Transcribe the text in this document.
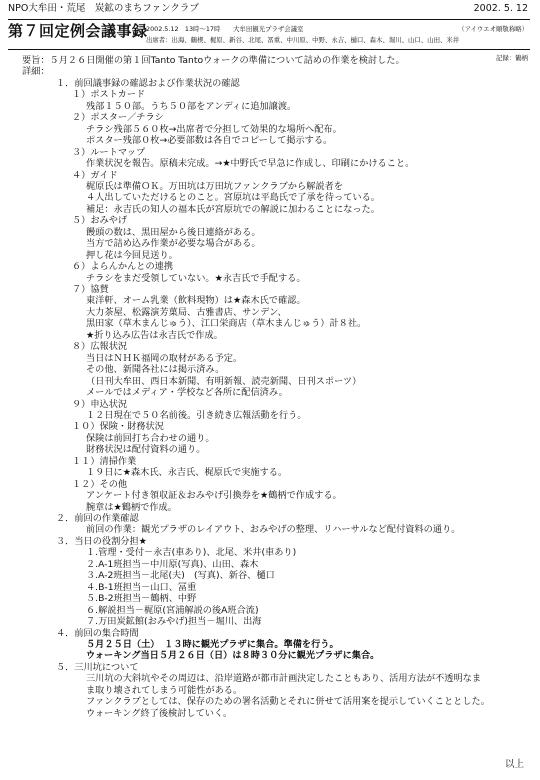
NPO大牟田・荒尾　炭鉱のまちファンクラブ	2002. 5. 12
第７回定例会議事録
2002.5.12　13時～17時　　大牟田観光プラザ会議室
出席者：出海、鶴楔、梶原、新谷、北尾、冨重、中川原、中野、永吉、樋口、森木、堀川、山口、山田、米井
（アイウエオ順敬称略）
記録：鶴柄
要旨：５月２６日開催の第１回Tanto Tantoウォークの準備について詰めの作業を検討した。
詳細：
１．前回議事録の確認および作業状況の確認
１）ポストカード
残部１５０部。うち５０部をアンディに追加譲渡。
２）ポスター／チラシ
チラシ残部５６０枚→出席者で分担して効果的な場所へ配布。
ポスター残部０枚→必要部数は各自でコピーして掲示する。
３）ルートマップ
作業状況を報告。原稿未完成。→★中野氏で早急に作成し、印刷にかけること。
４）ガイド
梶原氏は準備ＯＫ。万田坑は万田坑ファンクラブから解説者を
４人出していただけるとのこと。宮原坑は平島氏で了承を待っている。
補足：永吉氏の知人の福本氏が宮原坑での解説に加わることになった。
５）おみやげ
饅頭の数は、黒田屋から後日連絡がある。
当方で詰め込み作業が必要な場合がある。
押し花は今回見送り。
６）よらんかんとの連携
チラシをまだ受領していない。★永吉氏で手配する。
７）協賛
東洋軒、オーム乳業（飲料現物）は★森木氏で確認。
大力茶屋、松露演芳菓局、古雅書店、サンデン、
黒田家（草木まんじゅう）、江口栄商店（草木まんじゅう）計８社。
★折り込み広告は永吉氏で作成。
８）広報状況
当日はＮＨＫ福岡の取材がある予定。
その他、新聞各社には掲示済み。
（日刊大牟田、西日本新聞、有明新報、読売新聞、日刊スポーツ）
メールではメディア・学校など各所に配信済み。
９）申込状況
１２日現在で５０名前後。引き続き広報活動を行う。
１０）保険・財務状況
保険は前回打ち合わせの通り。
財務状況は配付資料の通り。
１１）清掃作業
１９日に★森木氏、永吉氏、梶原氏で実施する。
１２）その他
アンケート付き領収証＆おみやげ引換券を★鶴柄で作成する。
腕章は★鶴柄で作成。
２．前回の作業確認
前回の作業：観光プラザのレイアウト、おみやげの整理、リハーサルなど配付資料の通り。
３．当日の役割分担★
１.管理・受付－永吉(車あり)、北尾、米井(車あり)
２.A-1班担当－中川原(写真)、山田、森木
３.A-2班担当－北尾(夫)　(写真)、新谷、樋口
４.B-1班担当－山口、冨重
５.B-2班担当－鶴柄、中野
６.解説担当－梶原(宮浦解説の後A班合流)
７.万田炭鉱館(おみやげ)担当－堀川、出海
４．前回の集合時間
５月２５日（土）　１３時に観光プラザに集合。準備を行う。
ウォーキング当日５月２６日（日）は８時３０分に観光プラザに集合。
５．三川坑について
三川坑の大斜坑やその周辺は、沿岸道路が都市計画決定したこともあり、活用方法が不透明なま
ま取り壊されてしまう可能性がある。
ファンクラブとしては、保存のための署名活動とそれに併せて活用案を提示していくこととした。
ウォーキング終了後検討していく。
以上
